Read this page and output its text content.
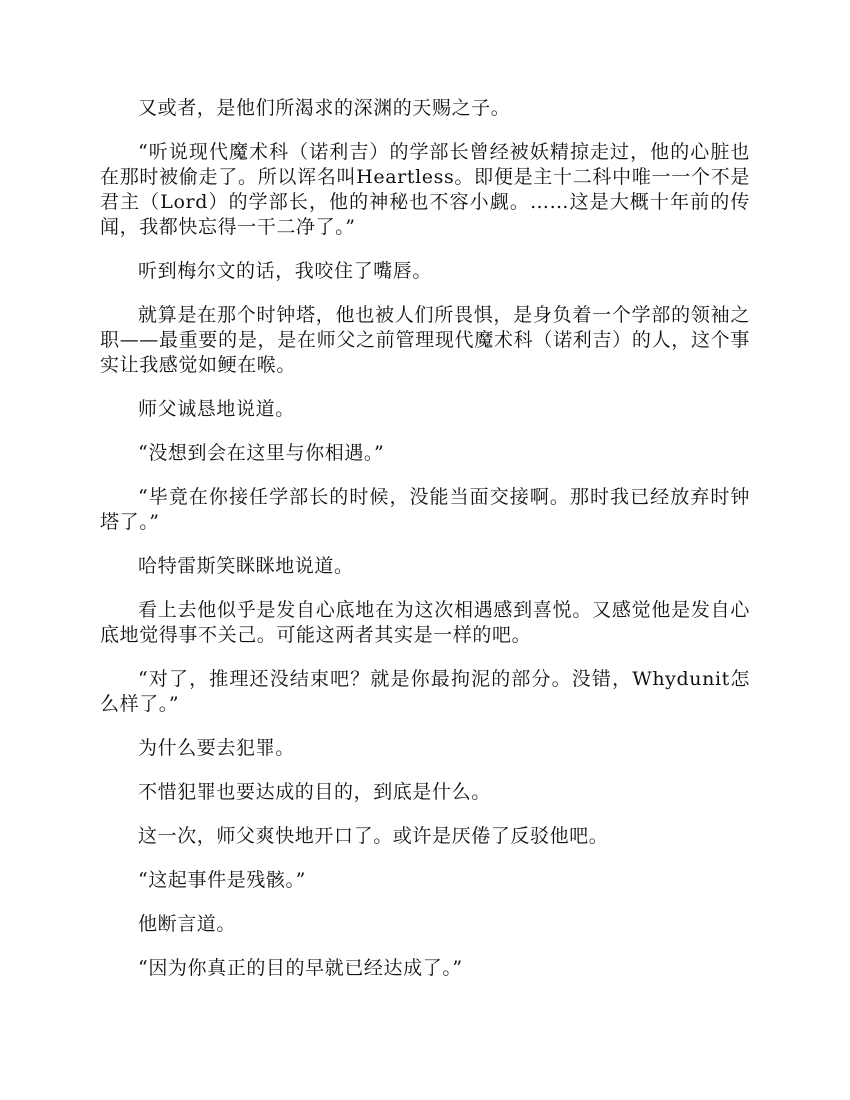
又或者，是他们所渴求的深渊的天赐之子。

“听说现代魔术科（诺利吉）的学部长曾经被妖精掠走过，他的心脏也在那时被偷走了。所以诨名叫Heartless。即便是主十二科中唯一一个不是君主（Lord）的学部长，他的神秘也不容小觑。……这是大概十年前的传闻，我都快忘得一干二净了。”

听到梅尔文的话，我咬住了嘴唇。

就算是在那个时钟塔，他也被人们所畏惧，是身负着一个学部的领袖之职——最重要的是，是在师父之前管理现代魔术科（诺利吉）的人，这个事实让我感觉如鲠在喉。

师父诚恳地说道。

“没想到会在这里与你相遇。”

“毕竟在你接任学部长的时候，没能当面交接啊。那时我已经放弃时钟塔了。”

哈特雷斯笑眯眯地说道。

看上去他似乎是发自心底地在为这次相遇感到喜悦。又感觉他是发自心底地觉得事不关己。可能这两者其实是一样的吧。

“对了，推理还没结束吧？就是你最拘泥的部分。没错，Whydunit怎么样了。”

为什么要去犯罪。

不惜犯罪也要达成的目的，到底是什么。

这一次，师父爽快地开口了。或许是厌倦了反驳他吧。

“这起事件是残骸。”

他断言道。

“因为你真正的目的早就已经达成了。”
